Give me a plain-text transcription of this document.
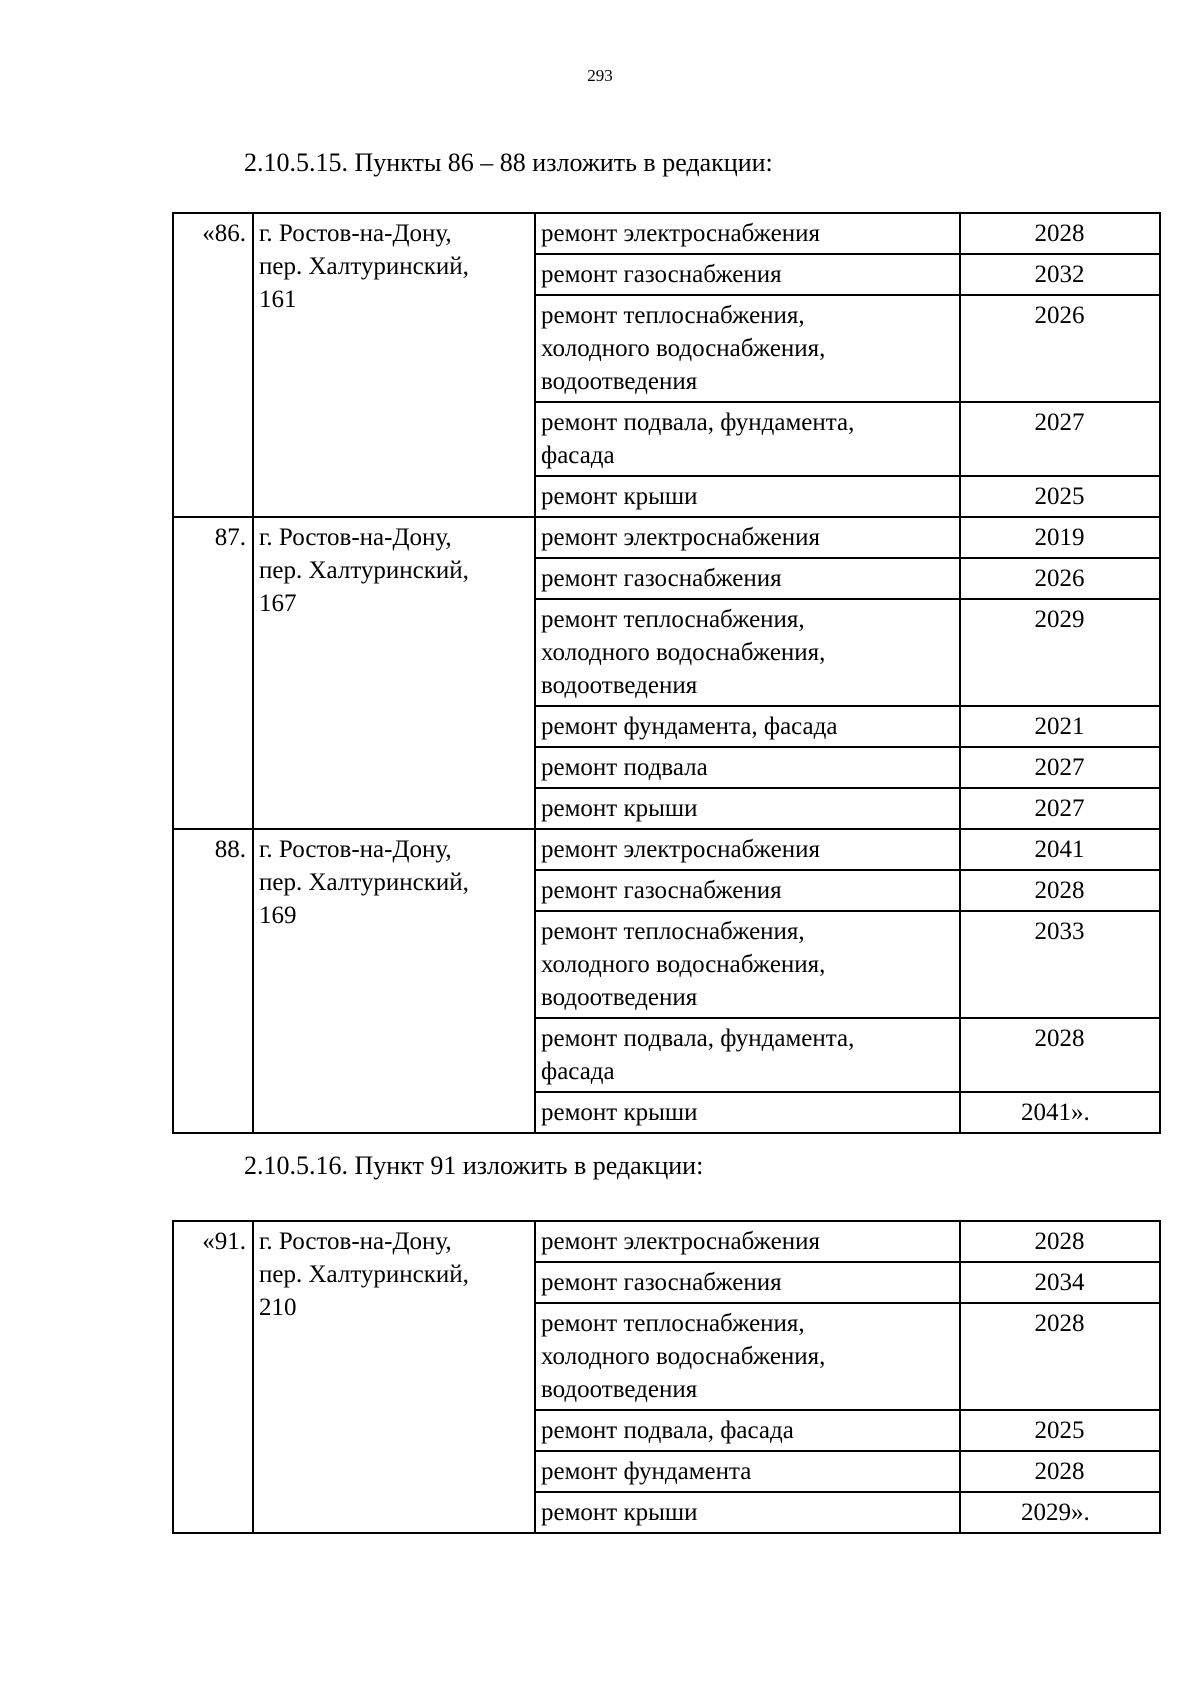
293
2.10.5.15. Пункты 86 – 88 изложить в редакции:
«86.	г. Ростов-на-Дону,
пер. Халтуринский,
161	ремонт электроснабжения	2028
		ремонт газоснабжения	2032
		ремонт теплоснабжения,
холодного водоснабжения,
водоотведения	2026
		ремонт подвала, фундамента,
фасада	2027
		ремонт крыши	2025
87.	г. Ростов-на-Дону,
пер. Халтуринский,
167	ремонт электроснабжения	2019
		ремонт газоснабжения	2026
		ремонт теплоснабжения,
холодного водоснабжения,
водоотведения	2029
		ремонт фундамента, фасада	2021
		ремонт подвала	2027
		ремонт крыши	2027
88.	г. Ростов-на-Дону,
пер. Халтуринский,
169	ремонт электроснабжения	2041
		ремонт газоснабжения	2028
		ремонт теплоснабжения,
холодного водоснабжения,
водоотведения	2033
		ремонт подвала, фундамента,
фасада	2028
		ремонт крыши	2041».
2.10.5.16. Пункт 91 изложить в редакции:
«91.	г. Ростов-на-Дону,
пер. Халтуринский,
210	ремонт электроснабжения	2028
		ремонт газоснабжения	2034
		ремонт теплоснабжения,
холодного водоснабжения,
водоотведения	2028
		ремонт подвала, фасада	2025
		ремонт фундамента	2028
		ремонт крыши	2029».
